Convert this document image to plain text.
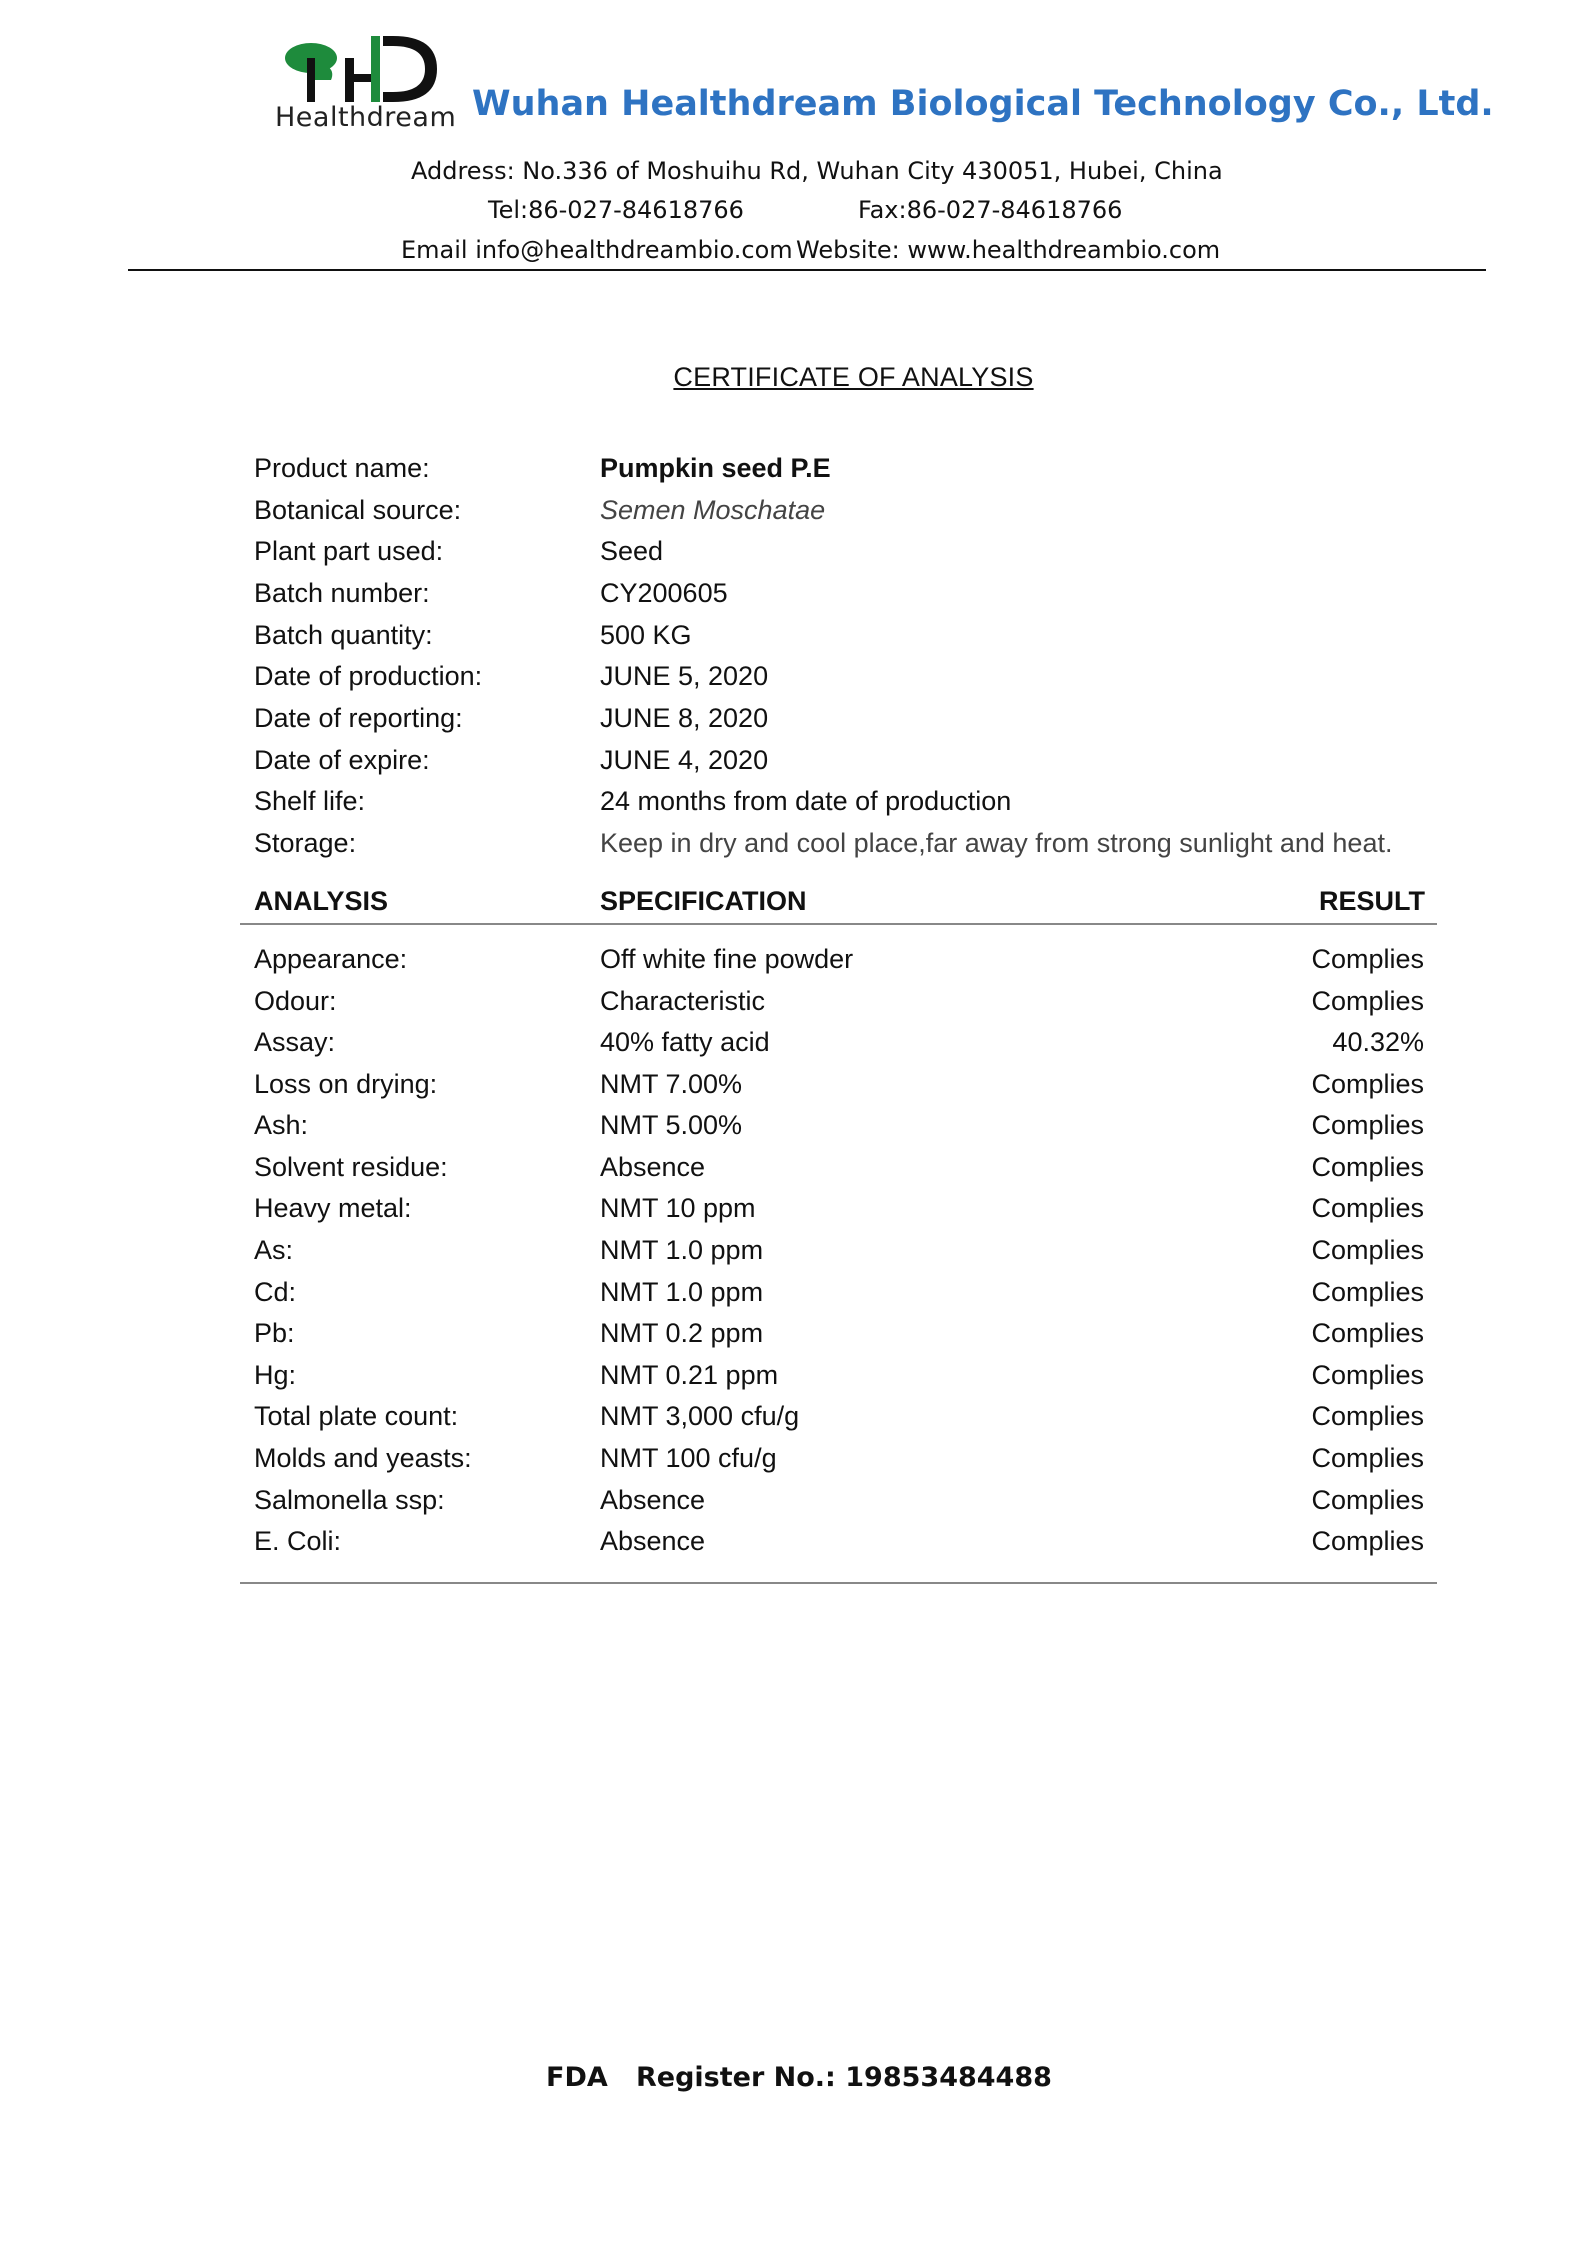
Healthdream Wuhan Healthdream Biological Technology Co., Ltd.
Address: No.336 of Moshuihu Rd, Wuhan City 430051, Hubei, China
Tel:86-027-84618766	Fax:86-027-84618766
Email info@healthdreambio.com Website: www.healthdreambio.com
CERTIFICATE OF ANALYSIS
Product name:	Pumpkin seed P.E
Botanical source:	Semen Moschatae
Plant part used:	Seed
Batch number:	CY200605
Batch quantity:	500 KG
Date of production:	JUNE 5, 2020
Date of reporting:	JUNE 8, 2020
Date of expire:	JUNE 4, 2020
Shelf life:	24 months from date of production
Storage:	Keep in dry and cool place,far away from strong sunlight and heat.
ANALYSIS	SPECIFICATION	RESULT
Appearance:	Off white fine powder	Complies
Odour:	Characteristic	Complies
Assay:	40% fatty acid	40.32%
Loss on drying:	NMT 7.00%	Complies
Ash:	NMT 5.00%	Complies
Solvent residue:	Absence	Complies
Heavy metal:	NMT 10 ppm	Complies
As:	NMT 1.0 ppm	Complies
Cd:	NMT 1.0 ppm	Complies
Pb:	NMT 0.2 ppm	Complies
Hg:	NMT 0.21 ppm	Complies
Total plate count:	NMT 3,000 cfu/g	Complies
Molds and yeasts:	NMT 100 cfu/g	Complies
Salmonella ssp:	Absence	Complies
E. Coli:	Absence	Complies
FDA Register No.: 19853484488
